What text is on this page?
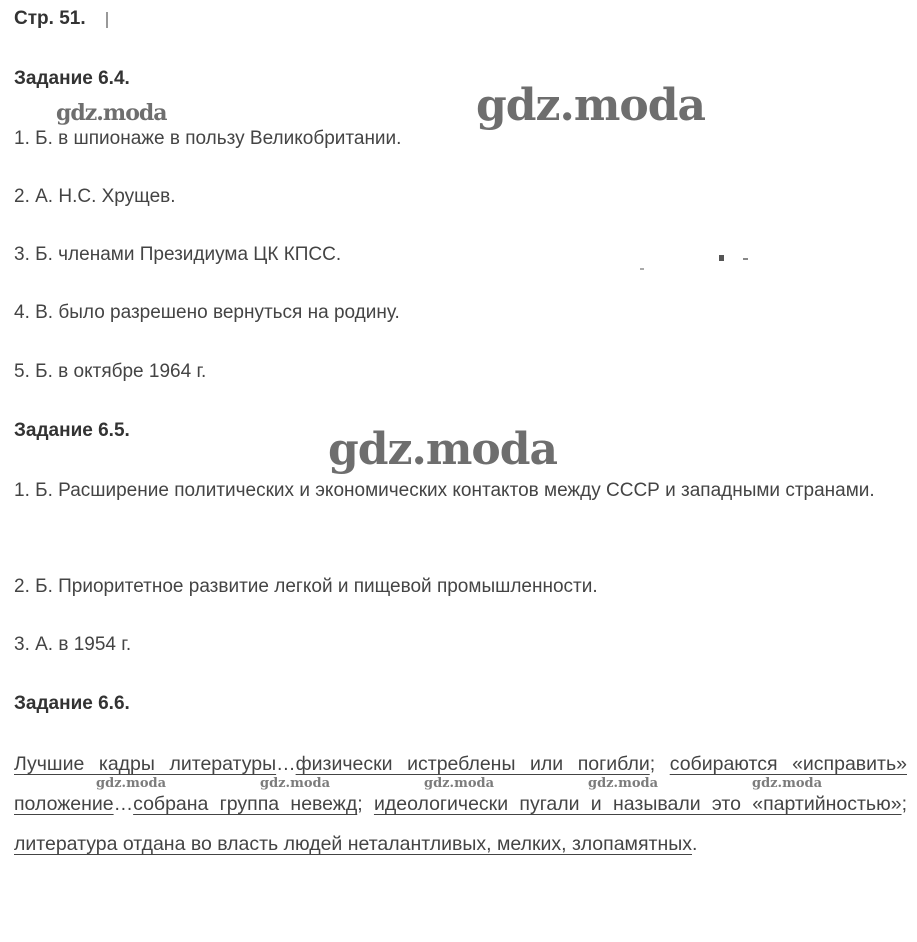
Стр. 51.
Задание 6.4.
1. Б. в шпионаже в пользу Великобритании.
2. А. Н.С. Хрущев.
3. Б. членами Президиума ЦК КПСС.
4. В. было разрешено вернуться на родину.
5. Б. в октябре 1964 г.
Задание 6.5.
1. Б. Расширение политических и экономических контактов между СССР и западными странами.
2. Б. Приоритетное развитие легкой и пищевой промышленности.
3. А. в 1954 г.
Задание 6.6.
Лучшие кадры литературы…физически истреблены или погибли; собираются «исправить» положение…собрана группа невежд; идеологически пугали и называли это «партийностью»; литература отдана во власть людей неталантливых, мелких, злопамятных.
gdz.moda
gdz.moda
gdz.moda
gdz.moda	gdz.moda	gdz.moda	gdz.moda	gdz.moda
